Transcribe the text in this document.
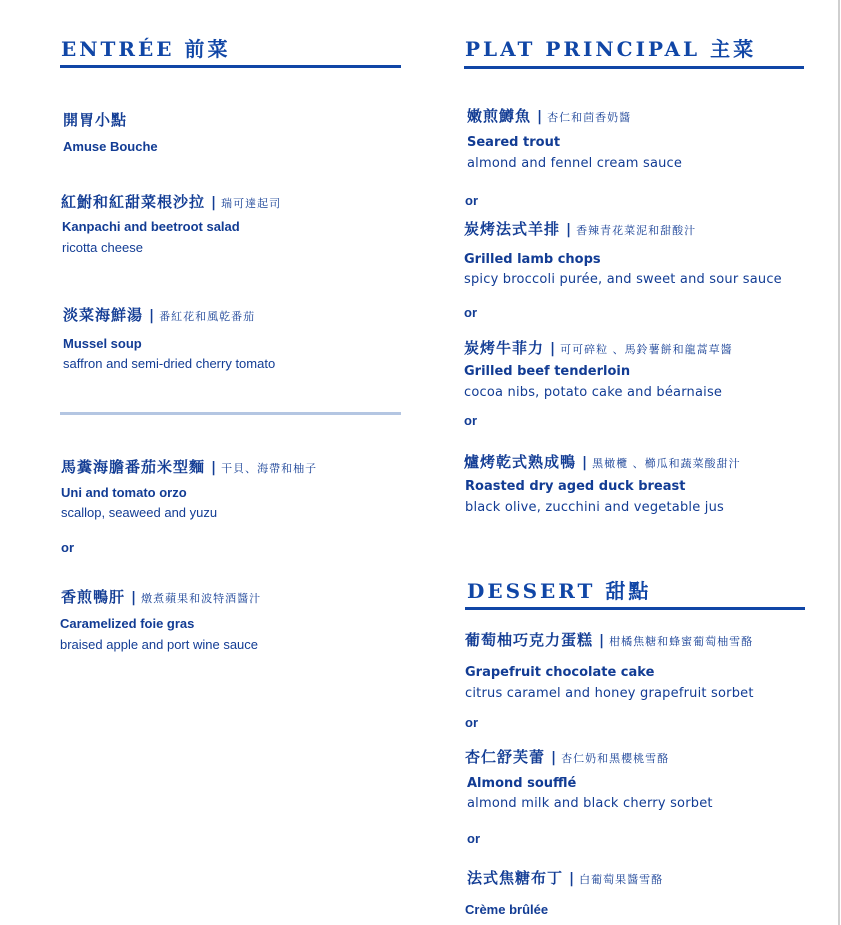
ENTRÉE 前菜
開胃小點
Amuse Bouche
紅鮒和紅甜菜根沙拉 | 瑞可達起司
Kanpachi and beetroot salad
ricotta cheese
淡菜海鮮湯 | 番紅花和風乾番茄
Mussel soup
saffron and semi-dried cherry tomato
馬糞海膽番茄米型麵 | 干貝、海帶和柚子
Uni and tomato orzo
scallop, seaweed and yuzu
or
香煎鴨肝 | 燉煮蘋果和波特酒醬汁
Caramelized foie gras
braised apple and port wine sauce
PLAT PRINCIPAL 主菜
嫩煎鱒魚 | 杏仁和茴香奶醬
Seared trout
almond and fennel cream sauce
or
炭烤法式羊排 | 香辣青花菜泥和甜酸汁
Grilled lamb chops
spicy broccoli purée, and sweet and sour sauce
or
炭烤牛菲力 | 可可碎粒 、馬鈴薯餅和龍蒿草醬
Grilled beef tenderloin
cocoa nibs, potato cake and béarnaise
or
爐烤乾式熟成鴨 | 黑橄欖 、櫛瓜和蔬菜酸甜汁
Roasted dry aged duck breast
black olive, zucchini and vegetable jus
DESSERT 甜點
葡萄柚巧克力蛋糕 | 柑橘焦糖和蜂蜜葡萄柚雪酪
Grapefruit chocolate cake
citrus caramel and honey grapefruit sorbet
or
杏仁舒芙蕾 | 杏仁奶和黑櫻桃雪酪
Almond soufflé
almond milk and black cherry sorbet
or
法式焦糖布丁 | 白葡萄果醬雪酪
Crème brûlée
